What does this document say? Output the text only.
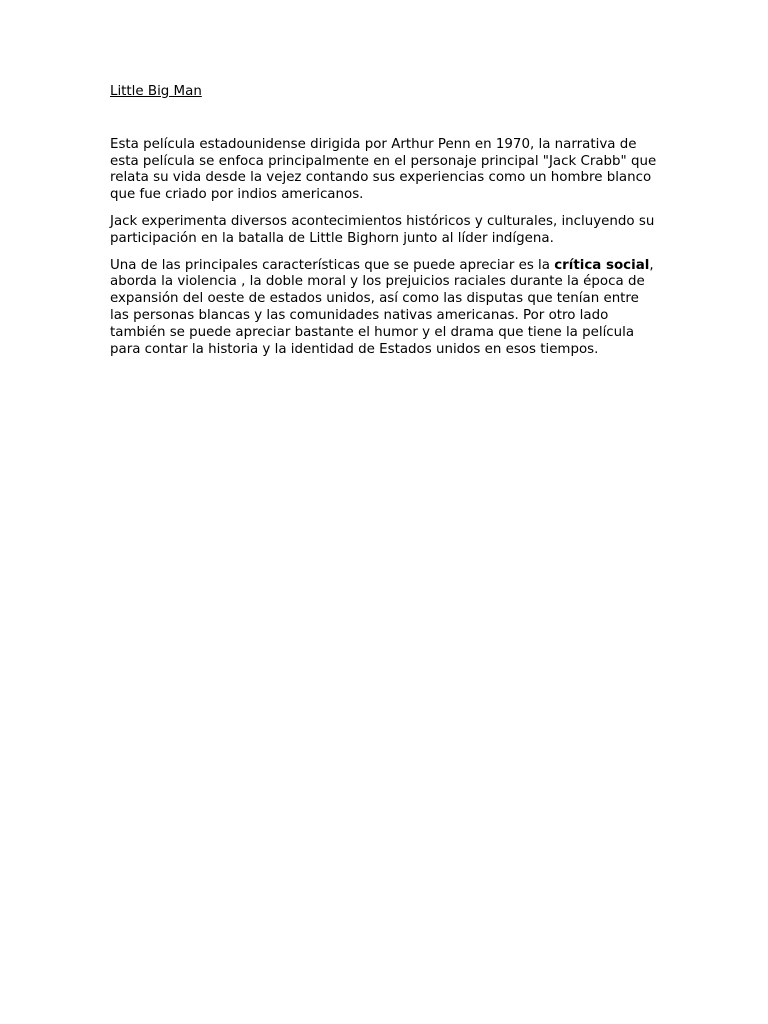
Little Big Man

Esta película estadounidense dirigida por Arthur Penn en 1970, la narrativa de esta película se enfoca principalmente en el personaje principal "Jack Crabb" que relata su vida desde la vejez contando sus experiencias como un hombre blanco que fue criado por indios americanos.

Jack experimenta diversos acontecimientos históricos y culturales, incluyendo su participación en la batalla de Little Bighorn junto al líder indígena.

Una de las principales características que se puede apreciar es la crítica social, aborda la violencia , la doble moral y los prejuicios raciales durante la época de expansión del oeste de estados unidos, así como las disputas que tenían entre las personas blancas y las comunidades nativas americanas. Por otro lado también se puede apreciar bastante el humor y el drama que tiene la película para contar la historia y la identidad de Estados unidos en esos tiempos.
